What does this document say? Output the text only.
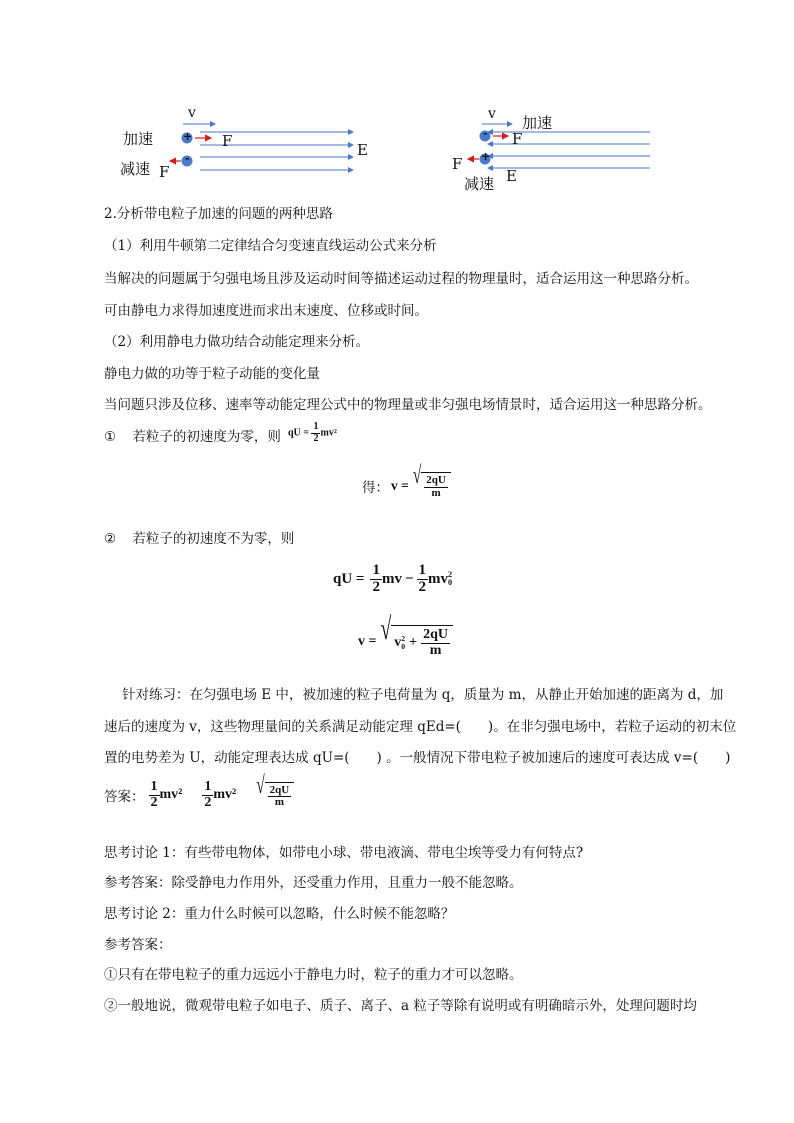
v
加速
减速
+
-
F
F
E
v 加速
-
+
F
F
减速 E
2.分析带电粒子加速的问题的两种思路
（1）利用牛顿第二定律结合匀变速直线运动公式来分析
当解决的问题属于匀强电场且涉及运动时间等描述运动过程的物理量时，适合运用这一种思路分析。
可由静电力求得加速度进而求出末速度、位移或时间。
（2）利用静电力做功结合动能定理来分析。
静电力做的功等于粒子动能的变化量
当问题只涉及位移、速率等动能定理公式中的物理量或非匀强电场情景时，适合运用这一种思路分析。
① 若粒子的初速度为零，则 qU = $\frac{1}{2} mv^2$
得： v = √ $\frac{2qU}{m}$
② 若粒子的初速度不为零，则
qU = $\frac{1}{2}$ mv − $\frac{1}{2}$ mv 2
0
v = √ v 2
$0 + \frac{2qU}{m}$
针对练习：在匀强电场 E 中，被加速的粒子电荷量为 q，质量为 m，从静止开始加速的距离为 d，加
速后的速度为 v，这些物理量间的关系满足动能定理 qEd=(　　)。在非匀强电场中，若粒子运动的初末位
置的电势差为 U，动能定理表达成 qU=(　　) 。一般情况下带电粒子被加速后的速度可表达成 v=(　　)
答案： $\frac{1}{2} mv^2 \frac{1}{2} mv^2$ √ $\frac{2qU}{m}$
思考讨论 1：有些带电物体，如带电小球、带电液滴、带电尘埃等受力有何特点?
参考答案：除受静电力作用外，还受重力作用，且重力一般不能忽略。
思考讨论 2：重力什么时候可以忽略，什么时候不能忽略？
参考答案：
①只有在带电粒子的重力远远小于静电力时，粒子的重力才可以忽略。
②一般地说，微观带电粒子如电子、质子、离子、a 粒子等除有说明或有明确暗示外，处理问题时均
